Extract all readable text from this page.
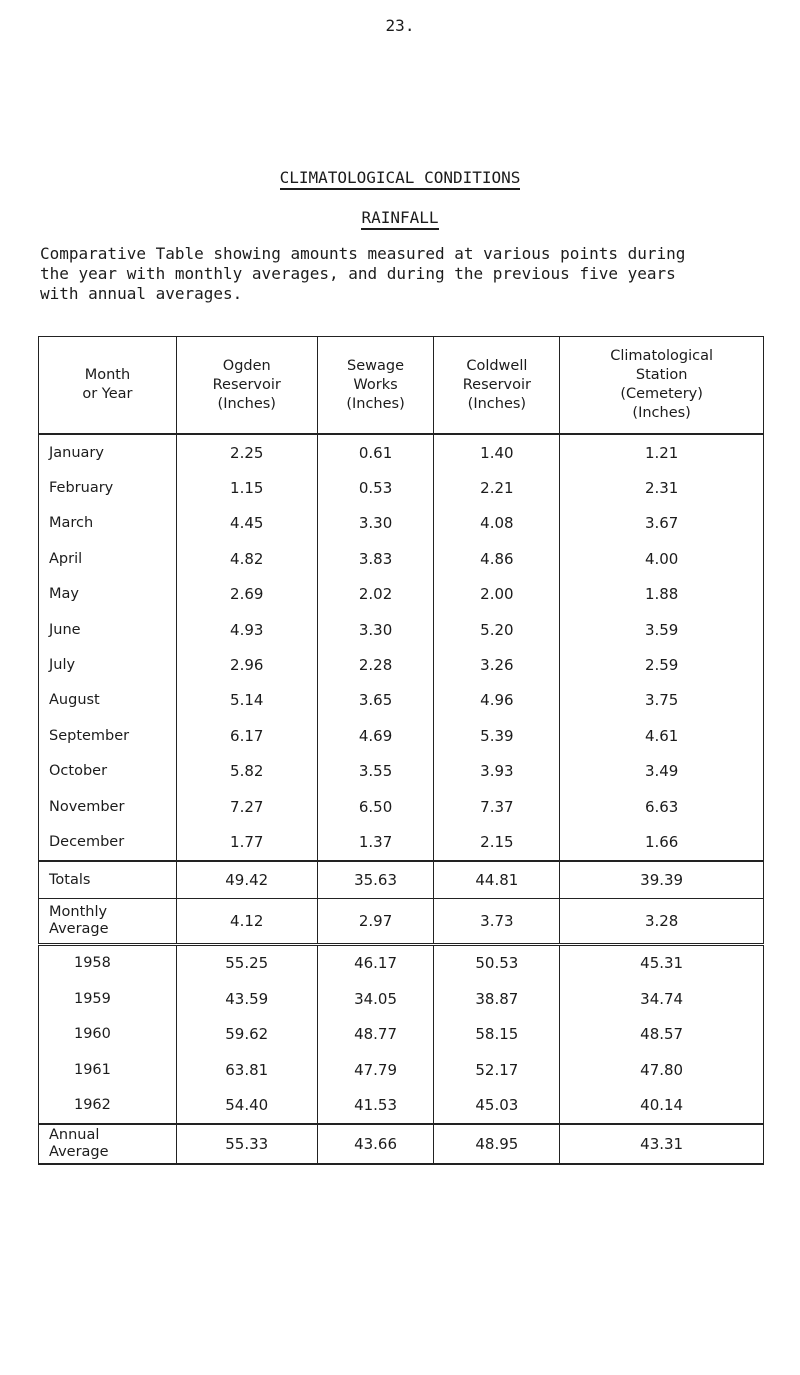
23.
CLIMATOLOGICAL CONDITIONS
RAINFALL
Comparative Table showing amounts measured at various points during
the year with monthly averages, and during the previous five years
with annual averages.
Month
or Year	Ogden
Reservoir
(Inches)	Sewage
Works
(Inches)	Coldwell
Reservoir
(Inches)	Climatological
Station
(Cemetery)
(Inches)

January	2.25	0.61	1.40	1.21
February	1.15	0.53	2.21	2.31
March	4.45	3.30	4.08	3.67
April	4.82	3.83	4.86	4.00
May	2.69	2.02	2.00	1.88
June	4.93	3.30	5.20	3.59
July	2.96	2.28	3.26	2.59
August	5.14	3.65	4.96	3.75
September	6.17	4.69	5.39	4.61
October	5.82	3.55	3.93	3.49
November	7.27	6.50	7.37	6.63
December	1.77	1.37	2.15	1.66
Totals	49.42	35.63	44.81	39.39

Monthly
Average	4.12	2.97	3.73	3.28
1958	55.25	46.17	50.53	45.31
1959	43.59	34.05	38.87	34.74
1960	59.62	48.77	58.15	48.57
1961	63.81	47.79	52.17	47.80
1962	54.40	41.53	45.03	40.14

Annual
Average	55.33	43.66	48.95	43.31
